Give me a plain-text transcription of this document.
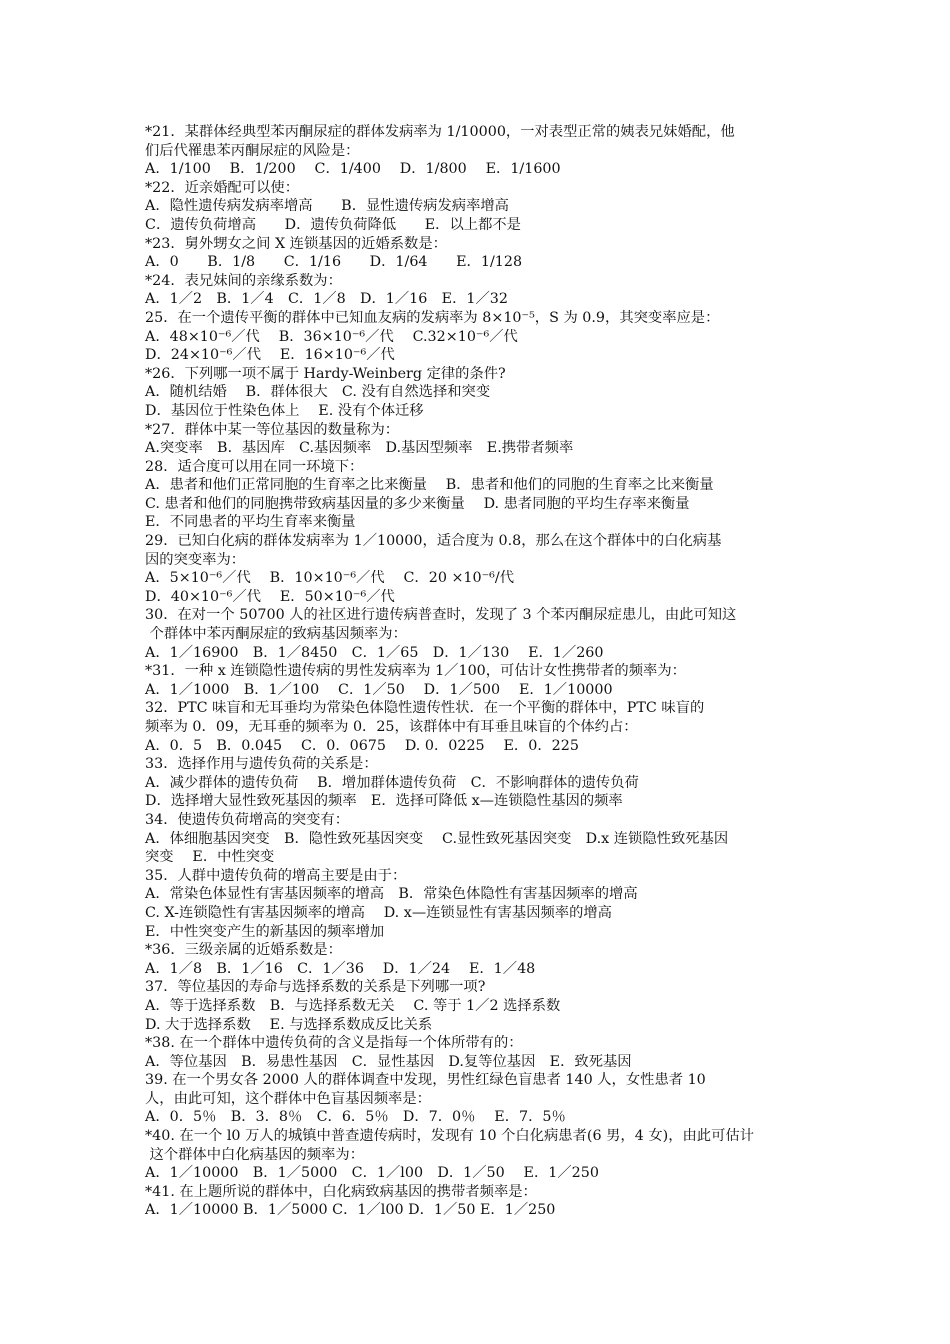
*21．某群体经典型苯丙酮尿症的群体发病率为 1/10000，一对表型正常的姨表兄妹婚配，他
们后代罹患苯丙酮尿症的风险是：
A．1/100　 B．1/200　 C．1/400　 D．1/800　 E．1/1600
*22．近亲婚配可以使：
A．隐性遗传病发病率增高　　B．显性遗传病发病率增高
C．遗传负荷增高　　D．遗传负荷降低　　E．以上都不是
*23．舅外甥女之间 X 连锁基因的近婚系数是：
A．0　　B．1/8　　C．1/16　　D．1/64　　E．1/128
*24．表兄妹间的亲缘系数为：
A．1／2　B．1／4　C．1／8　D．1／16　E．1／32
25．在一个遗传平衡的群体中已知血友病的发病率为 8×10⁻⁵，S 为 0.9，其突变率应是：
A．48×10⁻⁶／代　 B．36×10⁻⁶／代　 C.32×10⁻⁶／代
D．24×10⁻⁶／代　 E．16×10⁻⁶／代
*26．下列哪一项不属于 Hardy-Weinberg 定律的条件?
A．随机结婚　 B．群体很大　C. 没有自然选择和突变
D．基因位于性染色体上　 E. 没有个体迁移
*27．群体中某一等位基因的数量称为：
A.突变率　B．基因库　C.基因频率　D.基因型频率　E.携带者频率
28．适合度可以用在同一环境下：
A．患者和他们正常同胞的生育率之比来衡量　 B．患者和他们的同胞的生育率之比来衡量
C. 患者和他们的同胞携带致病基因量的多少来衡量　 D. 患者同胞的平均生存率来衡量
E．不同患者的平均生育率来衡量
29．已知白化病的群体发病率为 1／10000，适合度为 0.8，那么在这个群体中的白化病基
因的突变率为：
A．5×10⁻⁶／代　 B．10×10⁻⁶／代　 C．20 ×10⁻⁶/代
D．40×10⁻⁶／代　 E．50×10⁻⁶／代
30．在对一个 50700 人的社区进行遗传病普查时，发现了 3 个苯丙酮尿症患儿，由此可知这
个群体中苯丙酮尿症的致病基因频率为：
A．1／16900　B．1／8450　C．1／65　D．1／130　 E．1／260
*31．一种 x 连锁隐性遗传病的男性发病率为 1／100，可估计女性携带者的频率为：
A．1／1000　B．1／100　 C．1／50　 D．1／500　 E．1／10000
32．PTC 味盲和无耳垂均为常染色体隐性遗传性状．在一个平衡的群体中，PTC 味盲的
频率为 0．09，无耳垂的频率为 0．25，该群体中有耳垂且味盲的个体约占：
A．0．5　B．0.045　 C．0．0675　 D. 0．0225　 E．0．225
33．选择作用与遗传负荷的关系是：
A．减少群体的遗传负荷　 B．增加群体遗传负荷　C．不影响群体的遗传负荷
D．选择增大显性致死基因的频率　E．选择可降低 x—连锁隐性基因的频率
34．使遗传负荷增高的突变有：
A．体细胞基因突变　B．隐性致死基因突变　 C.显性致死基因突变　D.x 连锁隐性致死基因
突变　 E．中性突变
35．人群中遗传负荷的增高主要是由于：
A．常染色体显性有害基因频率的增高　B．常染色体隐性有害基因频率的增高
C. X-连锁隐性有害基因频率的增高　 D. x—连锁显性有害基因频率的增高
E．中性突变产生的新基因的频率增加
*36．三级亲属的近婚系数是：
A．1／8　B．1／16　C．1／36　 D．1／24　 E．1／48
37．等位基因的寿命与选择系数的关系是下列哪一项?
A．等于选择系数　B．与选择系数无关　 C. 等于 1／2 选择系数
D. 大于选择系数　 E. 与选择系数成反比关系
*38. 在一个群体中遗传负荷的含义是指每一个体所带有的：
A．等位基因　B．易患性基因　C．显性基因　D.复等位基因　E．致死基因
39. 在一个男女各 2000 人的群体调查中发现，男性红绿色盲患者 140 人，女性患者 10
人，由此可知，这个群体中色盲基因频率是：
A．0．5％　B．3．8％　C．6．5％　D．7．0％　 E．7．5％
*40. 在一个 l0 万人的城镇中普查遗传病时，发现有 10 个白化病患者(6 男，4 女)，由此可估计
这个群体中白化病基因的频率为：
A．1／10000　B．1／5000　C．1／l00　D．1／50　 E．1／250
*41. 在上题所说的群体中，白化病致病基因的携带者频率是：
A．1／10000 B．1／5000 C．1／l00 D．1／50 E．1／250
